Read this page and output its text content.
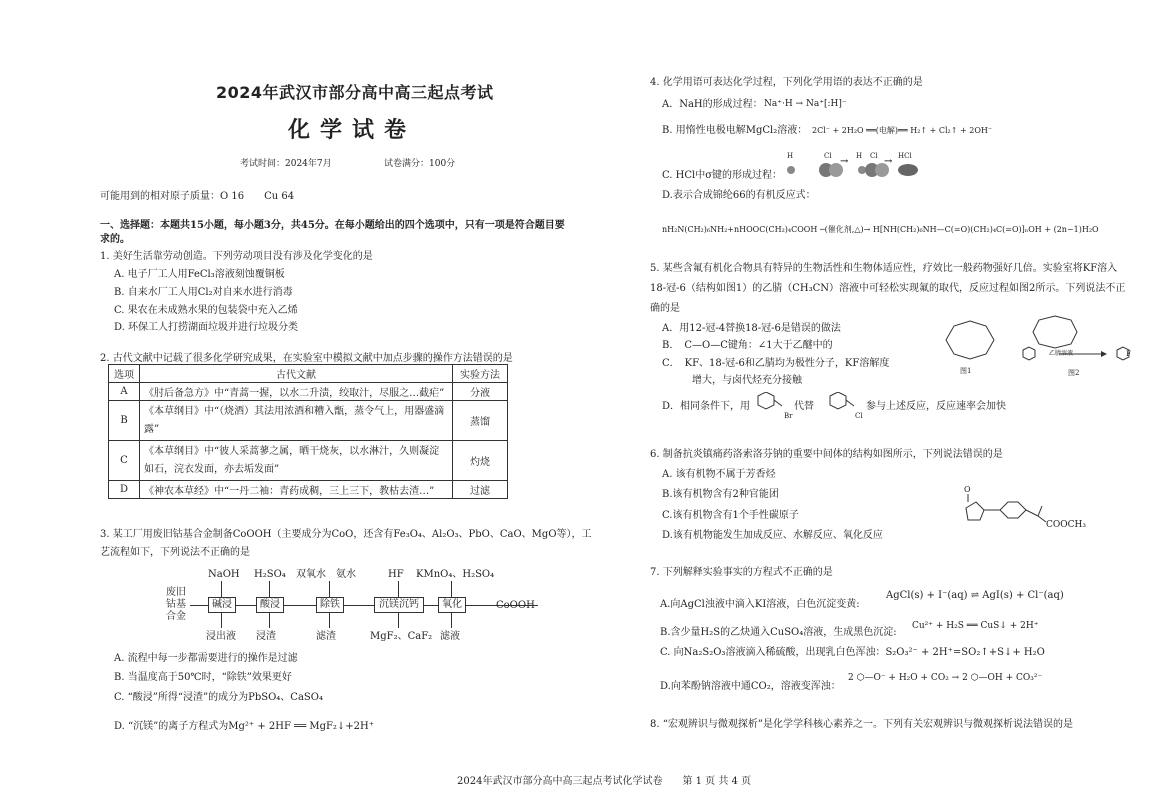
2024年武汉市部分高中高三起点考试
化学试卷
考试时间：2024年7月	试卷满分：100分
可能用到的相对原子质量：O 16　　Cu 64
一、选择题：本题共15小题，每小题3分，共45分。在每小题给出的四个选项中，只有一项是符合题目要
求的。
1. 美好生活靠劳动创造。下列劳动项目没有涉及化学变化的是
A. 电子厂工人用FeCl₃溶液刻蚀覆铜板
B. 自来水厂工人用Cl₂对自来水进行消毒
C. 果农在未成熟水果的包装袋中充入乙烯
D. 环保工人打捞湖面垃圾并进行垃圾分类
2. 古代文献中记载了很多化学研究成果，在实验室中模拟文献中加点步骤的操作方法错误的是
选项	古代文献	实验方法
A	《肘后备急方》中“青蒿一握，以水二升渍，绞取汁，尽服之…截疟”	分液
B	《本草纲目》中“（烧酒）其法用浓酒和糟入甑，蒸令气上，用器盛滴露”	蒸馏
C	《本草纲目》中“彼人采蒿蓼之属，晒干烧灰，以水淋汁，久则凝淀如石，浣衣发面，亦去垢发面”	灼烧
D	《神农本草经》中“一丹二袖：青药成稠，三上三下，教枯去渣…”	过滤
3. 某工厂用废旧钴基合金制备CoOOH（主要成分为CoO，还含有Fe₃O₄、Al₂O₃、PbO、CaO、MgO等），工
艺流程如下，下列说法不正确的是
废旧
钴基
合金
碱浸	酸浸	除铁	沉镁沉钙	氧化	CoOOH
NaOH H₂SO₄ 双氧水　氨水	HF KMnO₄、H₂SO₄
浸出液 浸渣	滤渣	MgF₂、CaF₂ 滤液
A. 流程中每一步都需要进行的操作是过滤
B. 当温度高于50℃时，“除铁”效果更好
C. “酸浸”所得“浸渣”的成分为PbSO₄、CaSO₄
D. “沉镁”的离子方程式为Mg²⁺ + 2HF ══ MgF₂↓+2H⁺
4. 化学用语可表达化学过程，下列化学用语的表达不正确的是
A．NaH的形成过程： Na⁺·H → Na⁺[:H]⁻
B. 用惰性电极电解MgCl₂溶液： 2Cl⁻ + 2H₂O ══(电解)══ H₂↑ + Cl₂↑ + 2OH⁻
C. HCl中σ键的形成过程：
→	→
H	Cl	H Cl	HCl
D.表示合成锦纶66的有机反应式：
nH₂N(CH₂)₆NH₂+nHOOC(CH₂)₄COOH ─(催化剂,△)→ H[NH(CH₂)₆NH—C(=O)(CH₂)₄C(=O)]ₙOH + (2n−1)H₂O
5. 某些含氟有机化合物具有特异的生物活性和生物体适应性，疗效比一般药物强好几倍。实验室将KF溶入
18-冠-6（结构如图1）的乙腈（CH₃CN）溶液中可轻松实现氟的取代，反应过程如图2所示。下列说法不正
确的是
A．用12-冠-4替换18-冠-6是错误的做法
B．　C—O—C键角：∠1大于乙醚中的
C．　KF、18-冠-6和乙腈均为极性分子，KF溶解度
　　　增大，与卤代烃充分接触
D．相同条件下，用
Br
代替
Cl
参与上述反应，反应速率会加快
图1
乙腈溶液	F
图2
6. 制备抗炎镇痛药洛索洛芬钠的重要中间体的结构如图所示，下列说法错误的是
A. 该有机物不属于芳香烃
B.该有机物含有2种官能团
C.该有机物含有1个手性碳原子
D.该有机物能发生加成反应、水解反应、氧化反应
O
COOCH₃
7. 下列解释实验事实的方程式不正确的是
A.向AgCl浊液中滴入KI溶液，白色沉淀变黄:
AgCl(s) + I⁻(aq) ⇌ AgI(s) + Cl⁻(aq)
B.含少量H₂S的乙炔通入CuSO₄溶液，生成黑色沉淀:
Cu²⁺ + H₂S ══ CuS↓ + 2H⁺
C. 向Na₂S₂O₃溶液滴入稀硫酸，出现乳白色浑浊：S₂O₃²⁻ + 2H⁺=SO₂↑+S↓+ H₂O
D.向苯酚钠溶液中通CO₂，溶液变浑浊：
2 ⬡—O⁻ + H₂O + CO₂ → 2 ⬡—OH + CO₃²⁻
8. “宏观辨识与微观探析”是化学学科核心素养之一。下列有关宏观辨识与微观探析说法错误的是
2024年武汉市部分高中高三起点考试化学试卷　　第 1 页 共 4 页
